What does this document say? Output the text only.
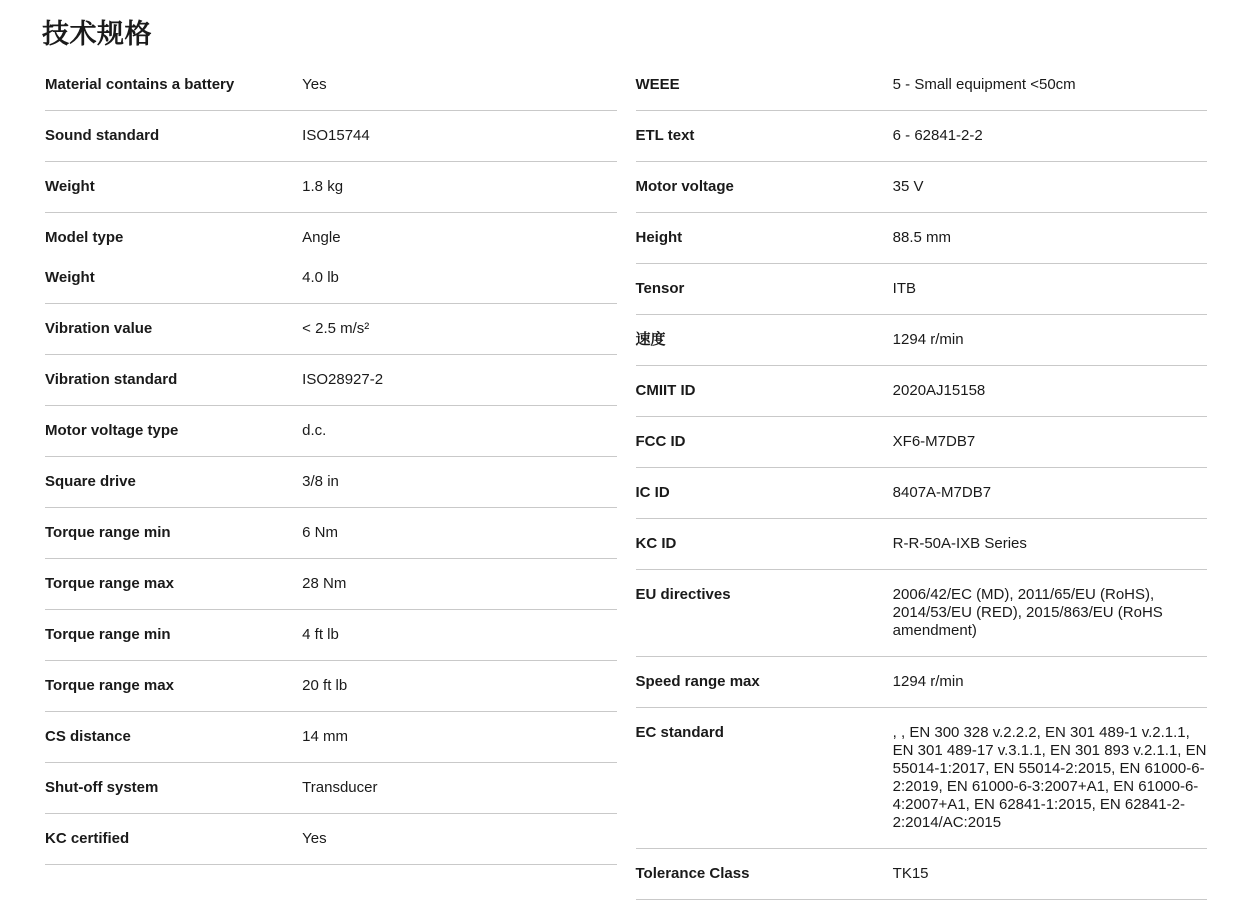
技术规格
Material contains a battery	Yes
Sound standard	ISO15744
Weight	1.8 kg
Model type	Angle
Weight	4.0 lb
Vibration value	< 2.5 m/s²
Vibration standard	ISO28927-2
Motor voltage type	d.c.
Square drive	3/8 in
Torque range min	6 Nm
Torque range max	28 Nm
Torque range min	4 ft lb
Torque range max	20 ft lb
CS distance	14 mm
Shut-off system	Transducer
KC certified	Yes
WEEE	5 - Small equipment <50cm
ETL text	6 - 62841-2-2
Motor voltage	35 V
Height	88.5 mm
Tensor	ITB
速度	1294 r/min
CMIIT ID	2020AJ15158
FCC ID	XF6-M7DB7
IC ID	8407A-M7DB7
KC ID	R-R-50A-IXB Series
EU directives	2006/42/EC (MD), 2011/65/EU (RoHS), 2014/53/EU (RED), 2015/863/EU (RoHS amendment)
Speed range max	1294 r/min
EC standard	, , EN 300 328 v.2.2.2, EN 301 489-1 v.2.1.1, EN 301 489-17 v.3.1.1, EN 301 893 v.2.1.1, EN 55014-1:2017, EN 55014-2:2015, EN 61000-6-2:2019, EN 61000-6-3:2007+A1, EN 61000-6-4:2007+A1, EN 62841-1:2015, EN 62841-2-2:2014/AC:2015
Tolerance Class	TK15
